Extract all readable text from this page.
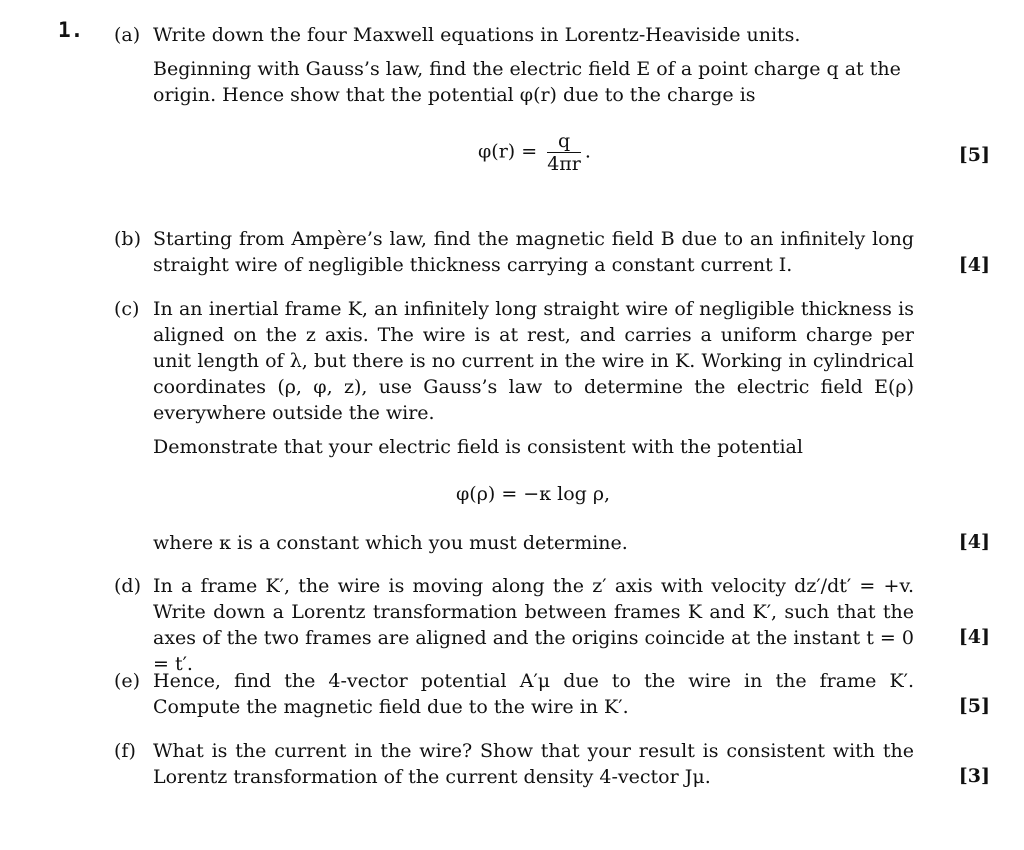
1. (a) Write down the four Maxwell equations in Lorentz-Heaviside units.
Beginning with Gauss’s law, find the electric field E of a point charge q at the origin. Hence show that the potential φ(r) due to the charge is
$\varphi(r) = \frac{q}{4\pi r}$ .	[5]
(b) Starting from Ampère’s law, find the magnetic field B due to an infinitely long straight wire of negligible thickness carrying a constant current I.	[4]
(c) In an inertial frame K, an infinitely long straight wire of negligible thickness is aligned on the z axis. The wire is at rest, and carries a uniform charge per unit length of λ, but there is no current in the wire in K. Working in cylindrical coordinates (ρ, φ, z), use Gauss’s law to determine the electric field E(ρ) everywhere outside the wire.
Demonstrate that your electric field is consistent with the potential
φ(ρ) = −κ log ρ,
where κ is a constant which you must determine.	[4]
(d) In a frame K′, the wire is moving along the z′ axis with velocity dz′/dt′ = +v. Write down a Lorentz transformation between frames K and K′, such that the axes of the two frames are aligned and the origins coincide at the instant t = 0 = t′.
[4]
(e) Hence, find the 4-vector potential A′μ due to the wire in the frame K′. Compute the magnetic field due to the wire in K′.	[5]
(f) What is the current in the wire? Show that your result is consistent with the Lorentz transformation of the current density 4-vector Jμ.	[3]
